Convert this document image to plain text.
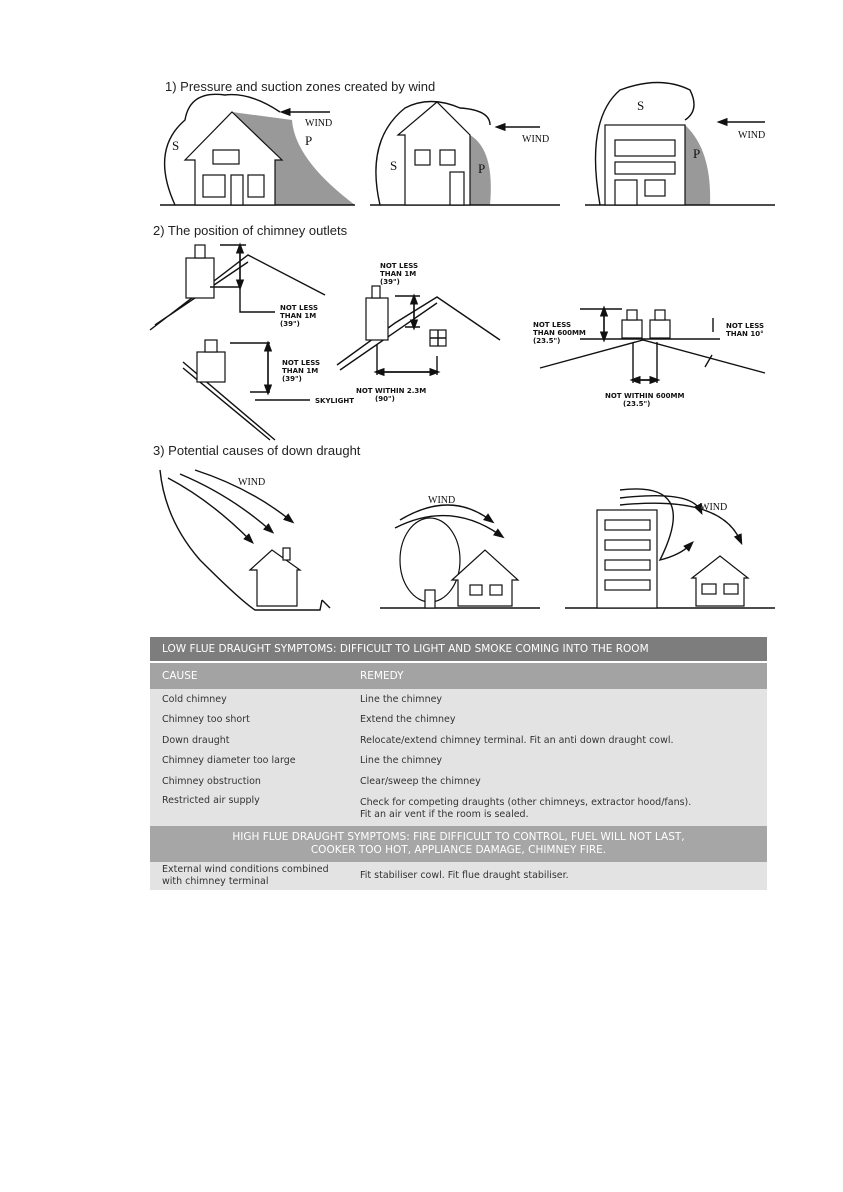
1) Pressure and suction zones created by wind
S	P
WIND
S	P
WIND
S
P
WIND
2) The position of chimney outlets
NOT LESS THAN 1M (39")
NOT LESS THAN 1M (39")
SKYLIGHT
NOT LESS THAN 1M (39")
NOT WITHIN 2.3M (90")
NOT LESS THAN 600MM (23.5")
NOT LESS THAN 10°
NOT WITHIN 600MM (23.5")
3) Potential causes of down draught
WIND
WIND
WIND
LOW FLUE DRAUGHT SYMPTOMS: DIFFICULT TO LIGHT AND SMOKE COMING INTO THE ROOM	
CAUSE	REMEDY
Cold chimney	Line the chimney
Chimney too short	Extend the chimney
Down draught	Relocate/extend chimney terminal. Fit an anti down draught cowl.
Chimney diameter too large	Line the chimney
Chimney obstruction	Clear/sweep the chimney
Restricted air supply	Check for competing draughts (other chimneys, extractor hood/fans).
Fit an air vent if the room is sealed.

HIGH FLUE DRAUGHT SYMPTOMS: FIRE DIFFICULT TO CONTROL, FUEL WILL NOT LAST,
COOKER TOO HOT, APPLIANCE DAMAGE, CHIMNEY FIRE.	

External wind conditions combined
with chimney terminal	Fit stabiliser cowl. Fit flue draught stabiliser.
